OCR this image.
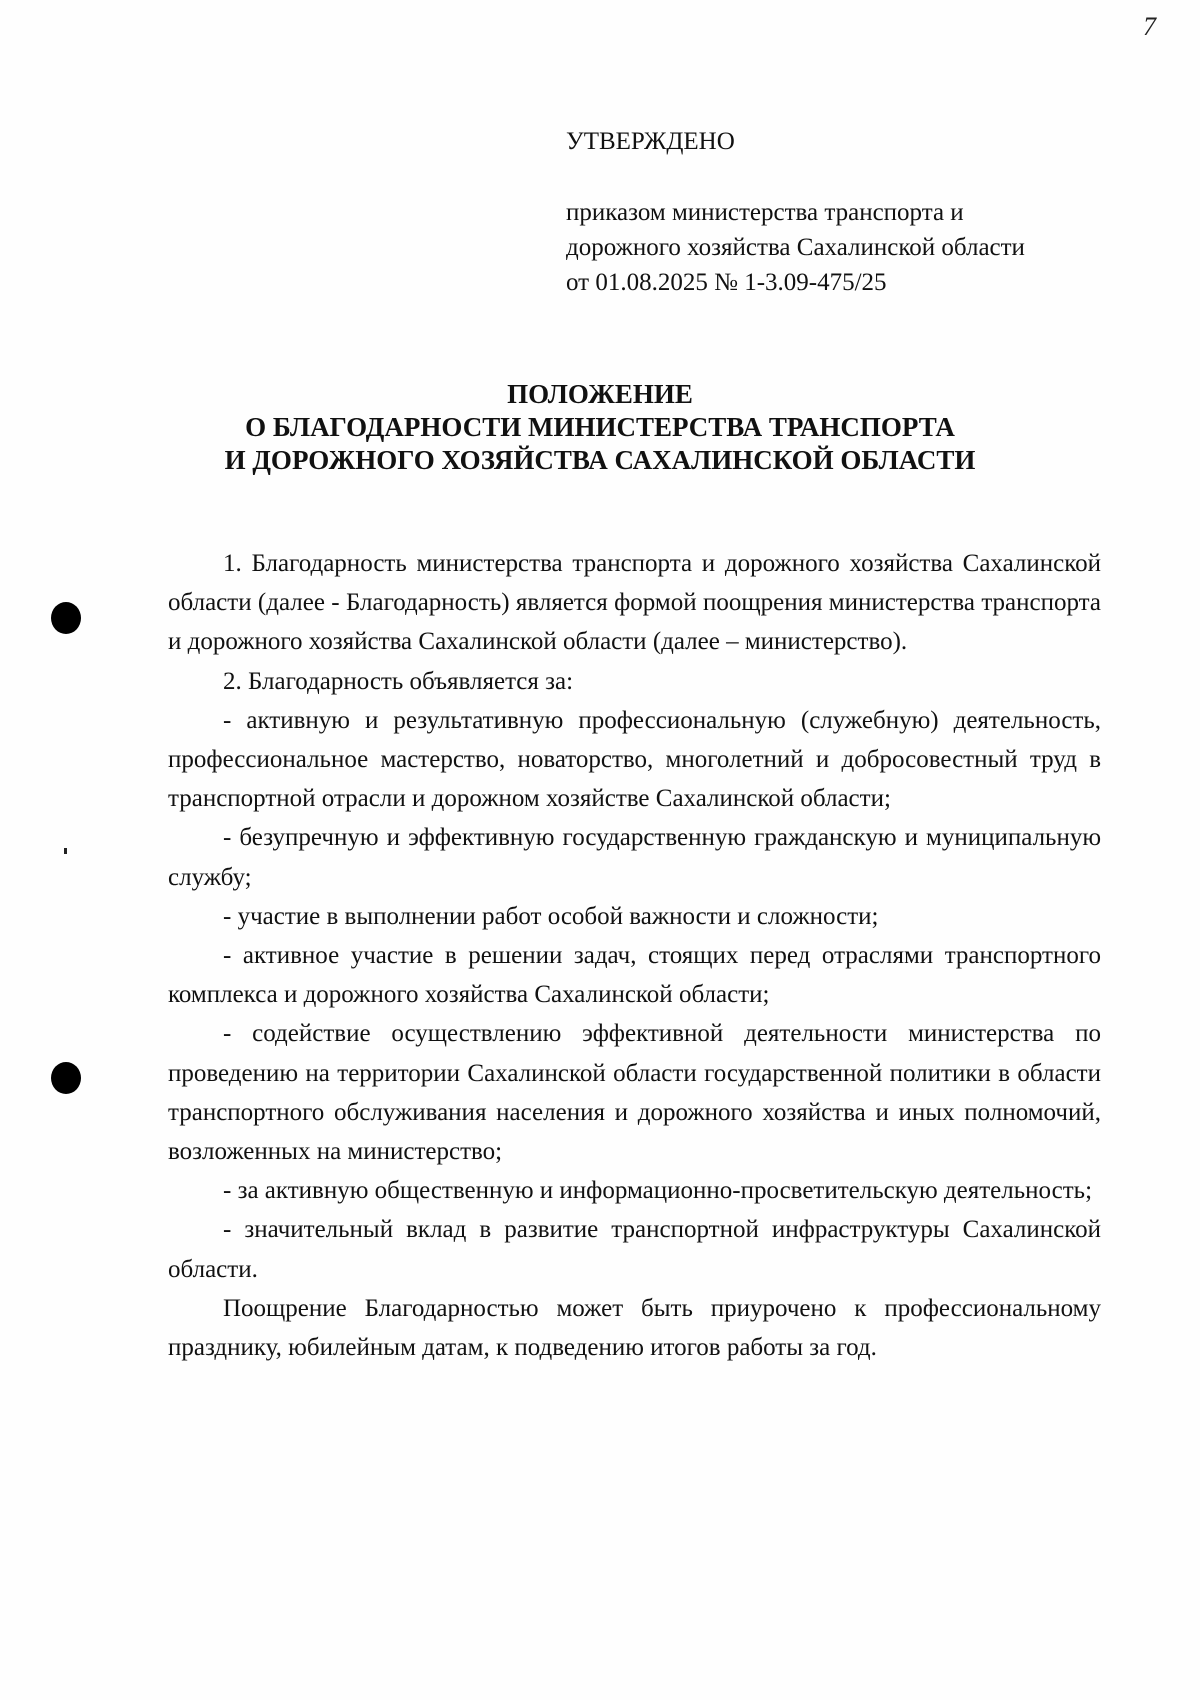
7
УТВЕРЖДЕНО
приказом министерства транспорта и
дорожного хозяйства Сахалинской области
от 01.08.2025 № 1-3.09-475/25
ПОЛОЖЕНИЕ
О БЛАГОДАРНОСТИ МИНИСТЕРСТВА ТРАНСПОРТА
И ДОРОЖНОГО ХОЗЯЙСТВА САХАЛИНСКОЙ ОБЛАСТИ

1. Благодарность министерства транспорта и дорожного хозяйства Сахалинской области (далее - Благодарность) является формой поощрения министерства транспорта и дорожного хозяйства Сахалинской области (далее – министерство).

2. Благодарность объявляется за:

- активную и результативную профессиональную (служебную) деятельность, профессиональное мастерство, новаторство, многолетний и добросовестный труд в транспортной отрасли и дорожном хозяйстве Сахалинской области;

- безупречную и эффективную государственную гражданскую и муниципальную службу;

- участие в выполнении работ особой важности и сложности;

- активное участие в решении задач, стоящих перед отраслями транспортного комплекса и дорожного хозяйства Сахалинской области;

- содействие осуществлению эффективной деятельности министерства по проведению на территории Сахалинской области государственной политики в области транспортного обслуживания населения и дорожного хозяйства и иных полномочий, возложенных на министерство;

- за активную общественную и информационно-просветительскую деятельность;

- значительный вклад в развитие транспортной инфраструктуры Сахалинской области.

Поощрение Благодарностью может быть приурочено к профессиональному празднику, юбилейным датам, к подведению итогов работы за год.
